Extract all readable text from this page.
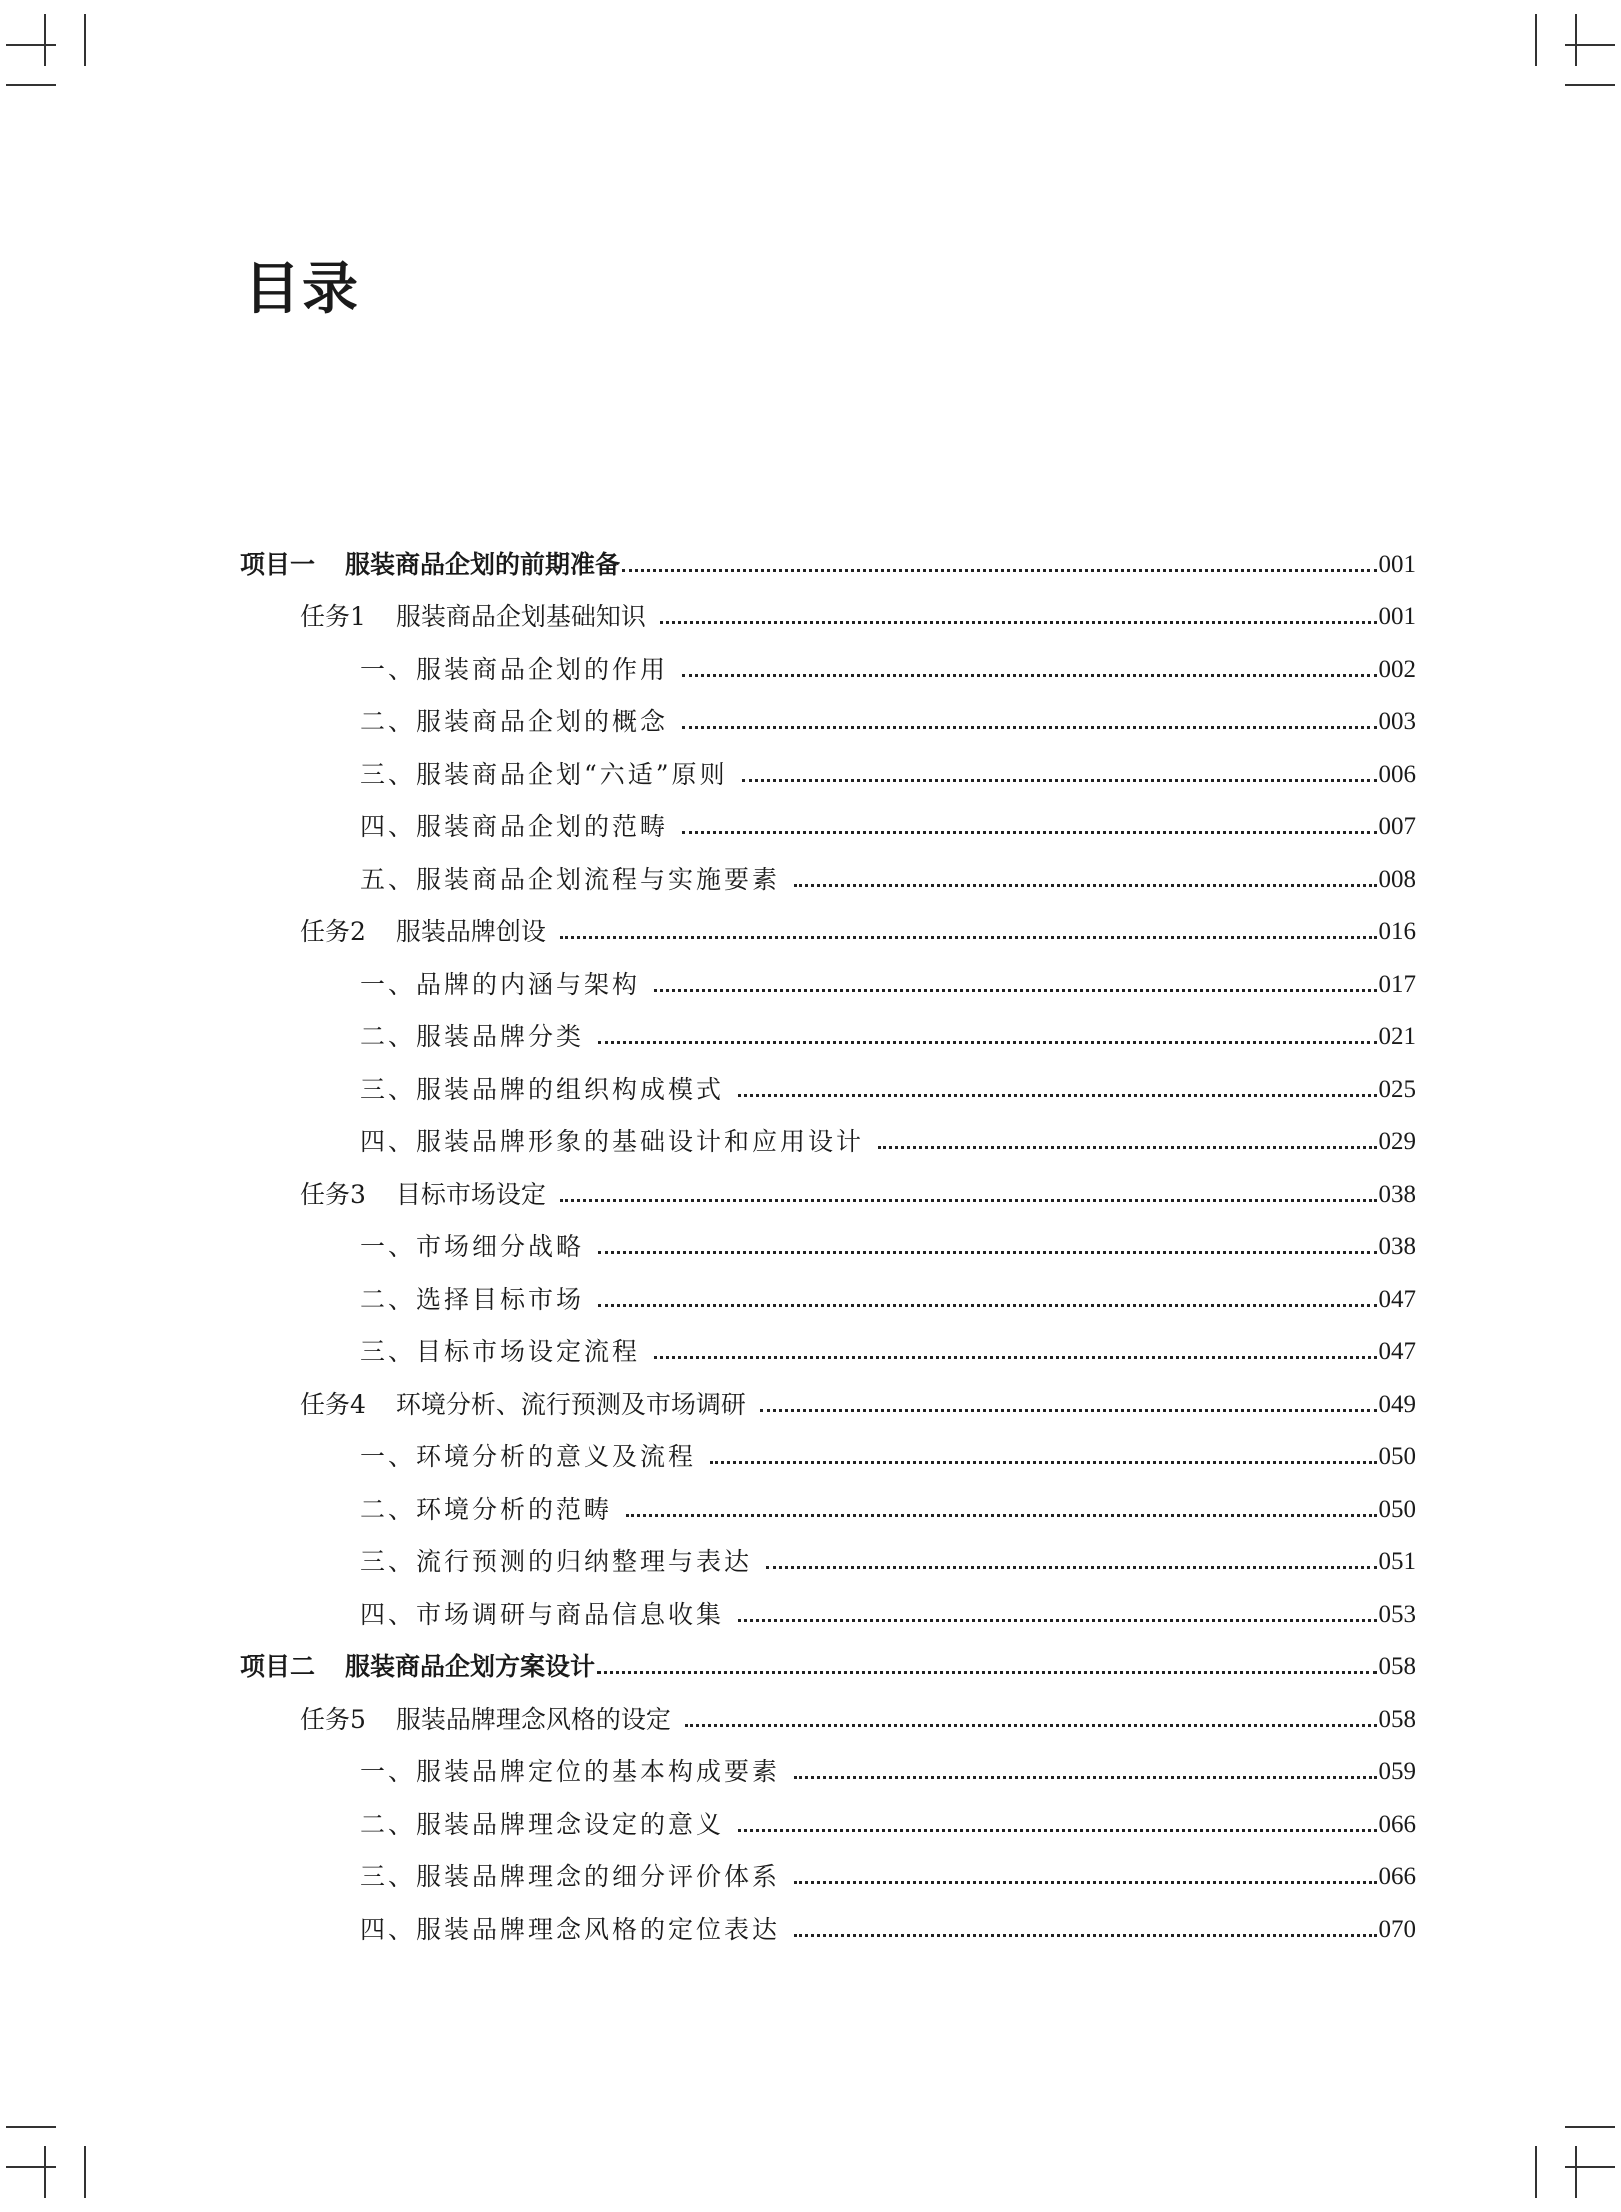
目录
项目一 服装商品企划的前期准备	001
任务1 服装商品企划基础知识	001
一、服装商品企划的作用	002
二、服装商品企划的概念	003
三、服装商品企划“六适”原则	006
四、服装商品企划的范畴	007
五、服装商品企划流程与实施要素	008
任务2 服装品牌创设	016
一、品牌的内涵与架构	017
二、服装品牌分类	021
三、服装品牌的组织构成模式	025
四、服装品牌形象的基础设计和应用设计	029
任务3 目标市场设定	038
一、市场细分战略	038
二、选择目标市场	047
三、目标市场设定流程	047
任务4 环境分析、流行预测及市场调研	049
一、环境分析的意义及流程	050
二、环境分析的范畴	050
三、流行预测的归纳整理与表达	051
四、市场调研与商品信息收集	053
项目二 服装商品企划方案设计	058
任务5 服装品牌理念风格的设定	058
一、服装品牌定位的基本构成要素	059
二、服装品牌理念设定的意义	066
三、服装品牌理念的细分评价体系	066
四、服装品牌理念风格的定位表达	070
